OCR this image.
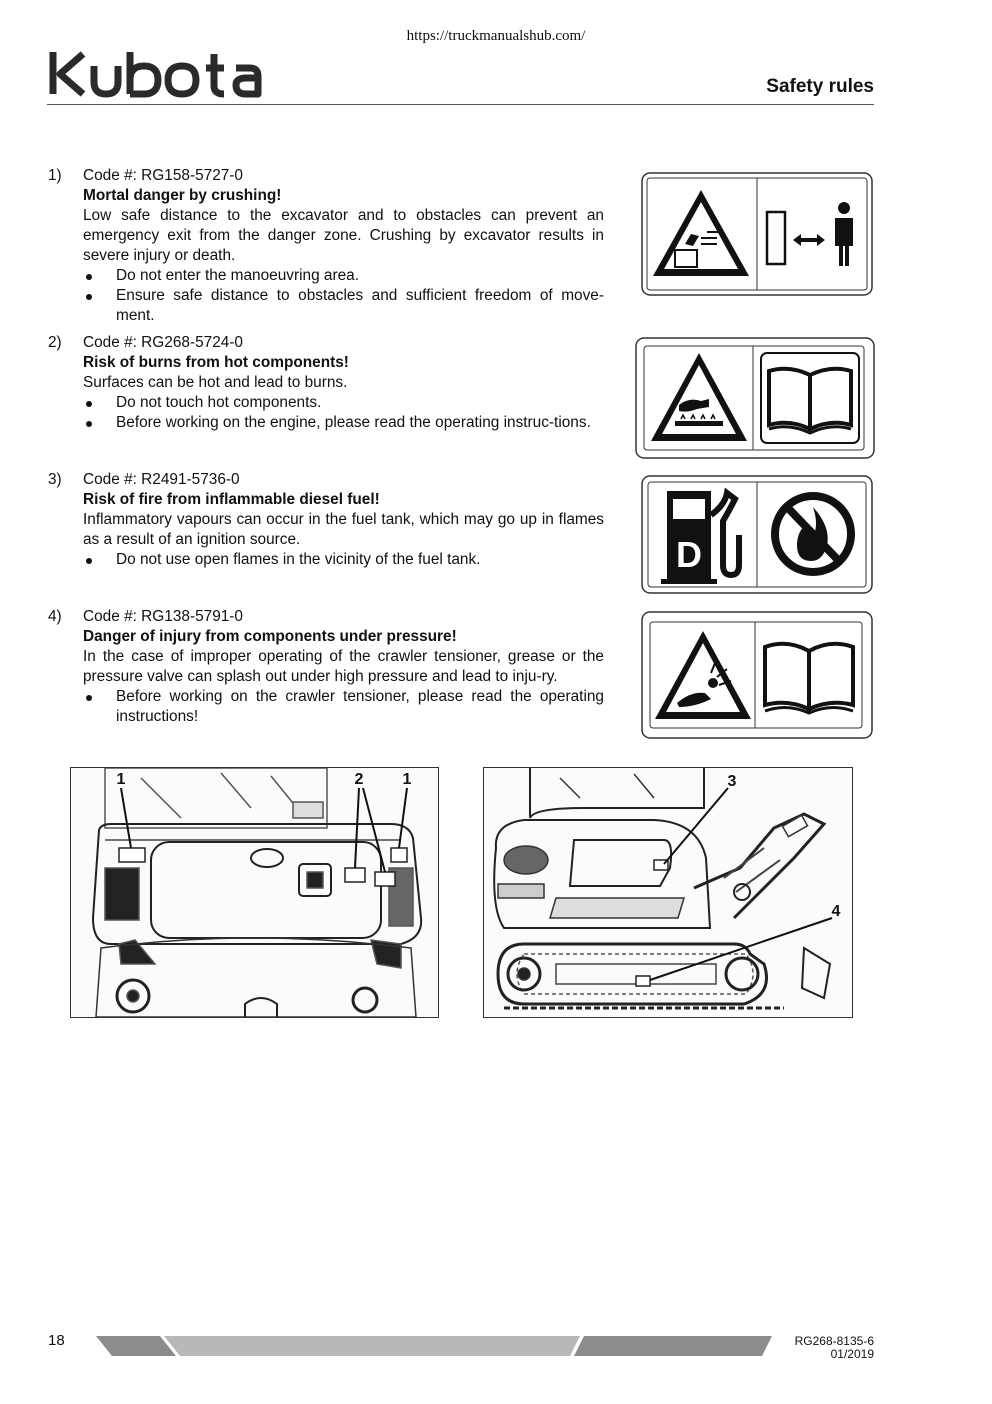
https://truckmanualshub.com/
Safety rules
1) Code #: RG158-5727-0
Mortal danger by crushing!
Low safe distance to the excavator and to obstacles can prevent an emergency exit from the danger zone. Crushing by excavator results in severe injury or death.
Do not enter the manoeuvring area.
Ensure safe distance to obstacles and sufficient freedom of move-ment.
2) Code #: RG268-5724-0
Risk of burns from hot components!
Surfaces can be hot and lead to burns.
Do not touch hot components.
Before working on the engine, please read the operating instruc-tions.
3) Code #: R2491-5736-0
Risk of fire from inflammable diesel fuel!
Inflammatory vapours can occur in the fuel tank, which may go up in flames as a result of an ignition source.
Do not use open flames in the vicinity of the fuel tank.
4) Code #: RG138-5791-0
Danger of injury from components under pressure!
In the case of improper operating of the crawler tensioner, grease or the pressure valve can splash out under high pressure and lead to inju-ry.
Before working on the crawler tensioner, please read the operating instructions!
D
1	2 1	3
4
18	RG268-8135-6
01/2019
